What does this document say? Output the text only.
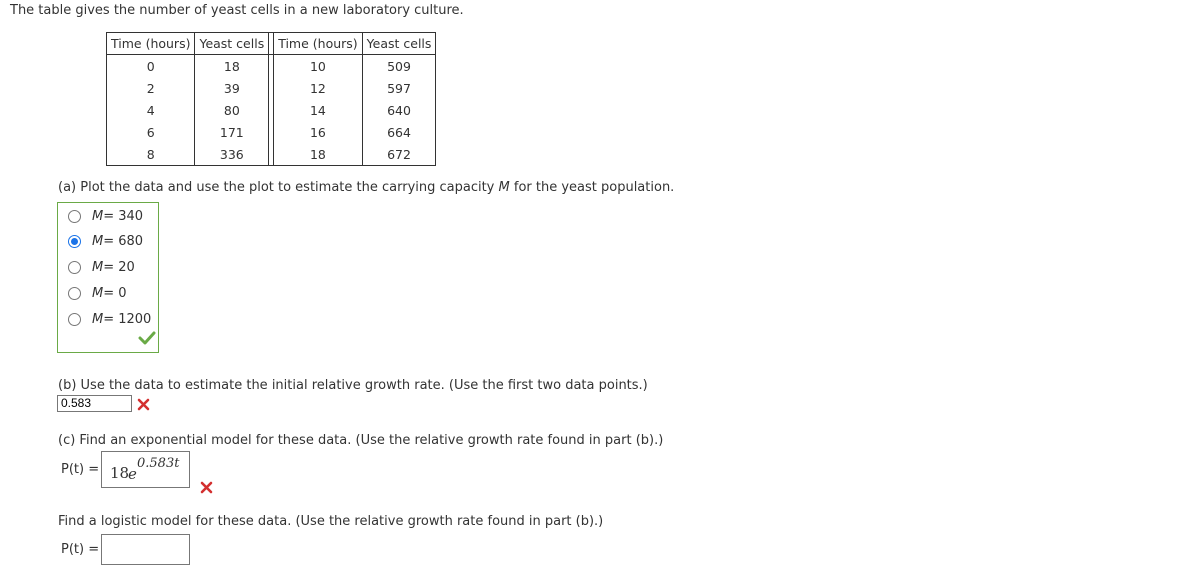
The table gives the number of yeast cells in a new laboratory culture.
Time (hours)	Yeast cells		Time (hours)	Yeast cells
0	18		10	509
2	39		12	597
4	80		14	640
6	171		16	664
8	336		18	672
(a) Plot the data and use the plot to estimate the carrying capacity M for the yeast population.
M = 340
M = 680
M = 20
M = 0
M = 1200
(b) Use the data to estimate the initial relative growth rate. (Use the first two data points.)
0.583
(c) Find an exponential model for these data. (Use the relative growth rate found in part (b).)
P(t) = 18
e
0.583t
Find a logistic model for these data. (Use the relative growth rate found in part (b).)
P(t) =
